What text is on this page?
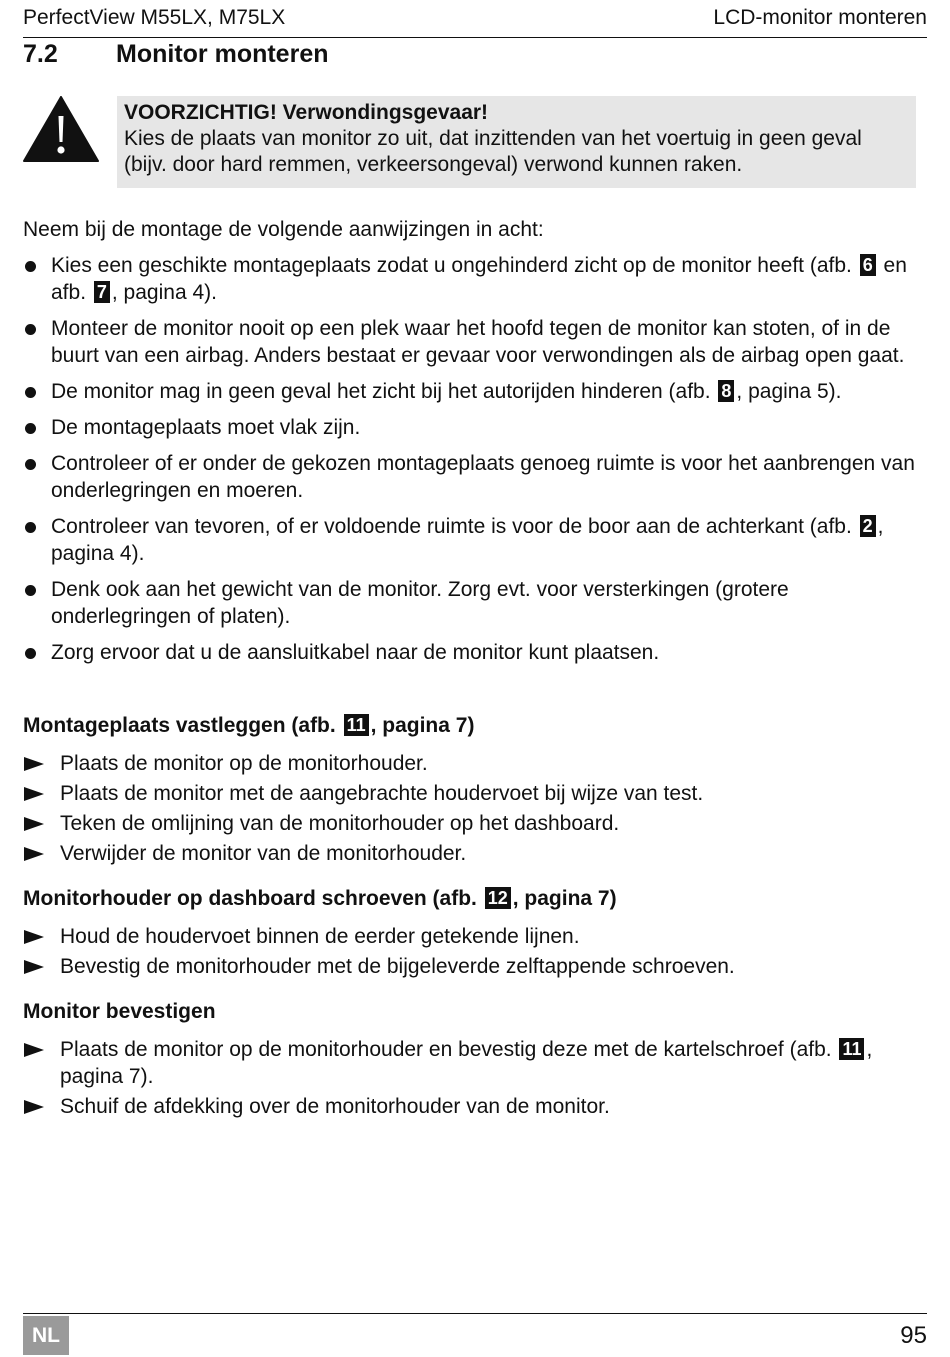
PerfectView M55LX, M75LX	LCD-monitor monteren
7.2 Monitor monteren
VOORZICHTIG! Verwondingsgevaar!
Kies de plaats van monitor zo uit, dat inzittenden van het voertuig in geen geval
(bijv. door hard remmen, verkeersongeval) verwond kunnen raken.
Neem bij de montage de volgende aanwijzingen in acht:
Kies een geschikte montageplaats zodat u ongehinderd zicht op de monitor heeft (afb. 6 en afb. 7 , pagina 4).
Monteer de monitor nooit op een plek waar het hoofd tegen de monitor kan stoten, of in de buurt van een airbag. Anders bestaat er gevaar voor verwondingen als de airbag open gaat.
De monitor mag in geen geval het zicht bij het autorijden hinderen (afb. 8 , pagina 5).
De montageplaats moet vlak zijn.
Controleer of er onder de gekozen montageplaats genoeg ruimte is voor het aanbrengen van onderlegringen en moeren.
Controleer van tevoren, of er voldoende ruimte is voor de boor aan de achterkant (afb. 2 , pagina 4).
Denk ook aan het gewicht van de monitor. Zorg evt. voor versterkingen (grotere onderlegringen of platen).
Zorg ervoor dat u de aansluitkabel naar de monitor kunt plaatsen.
Montageplaats vastleggen (afb. 11 , pagina 7)
Plaats de monitor op de monitorhouder.
Plaats de monitor met de aangebrachte houdervoet bij wijze van test.
Teken de omlijning van de monitorhouder op het dashboard.
Verwijder de monitor van de monitorhouder.
Monitorhouder op dashboard schroeven (afb. 12 , pagina 7)
Houd de houdervoet binnen de eerder getekende lijnen.
Bevestig de monitorhouder met de bijgeleverde zelftappende schroeven.
Monitor bevestigen
Plaats de monitor op de monitorhouder en bevestig deze met de kartelschroef (afb. 11 , pagina 7).
Schuif de afdekking over de monitorhouder van de monitor.
NL	95
